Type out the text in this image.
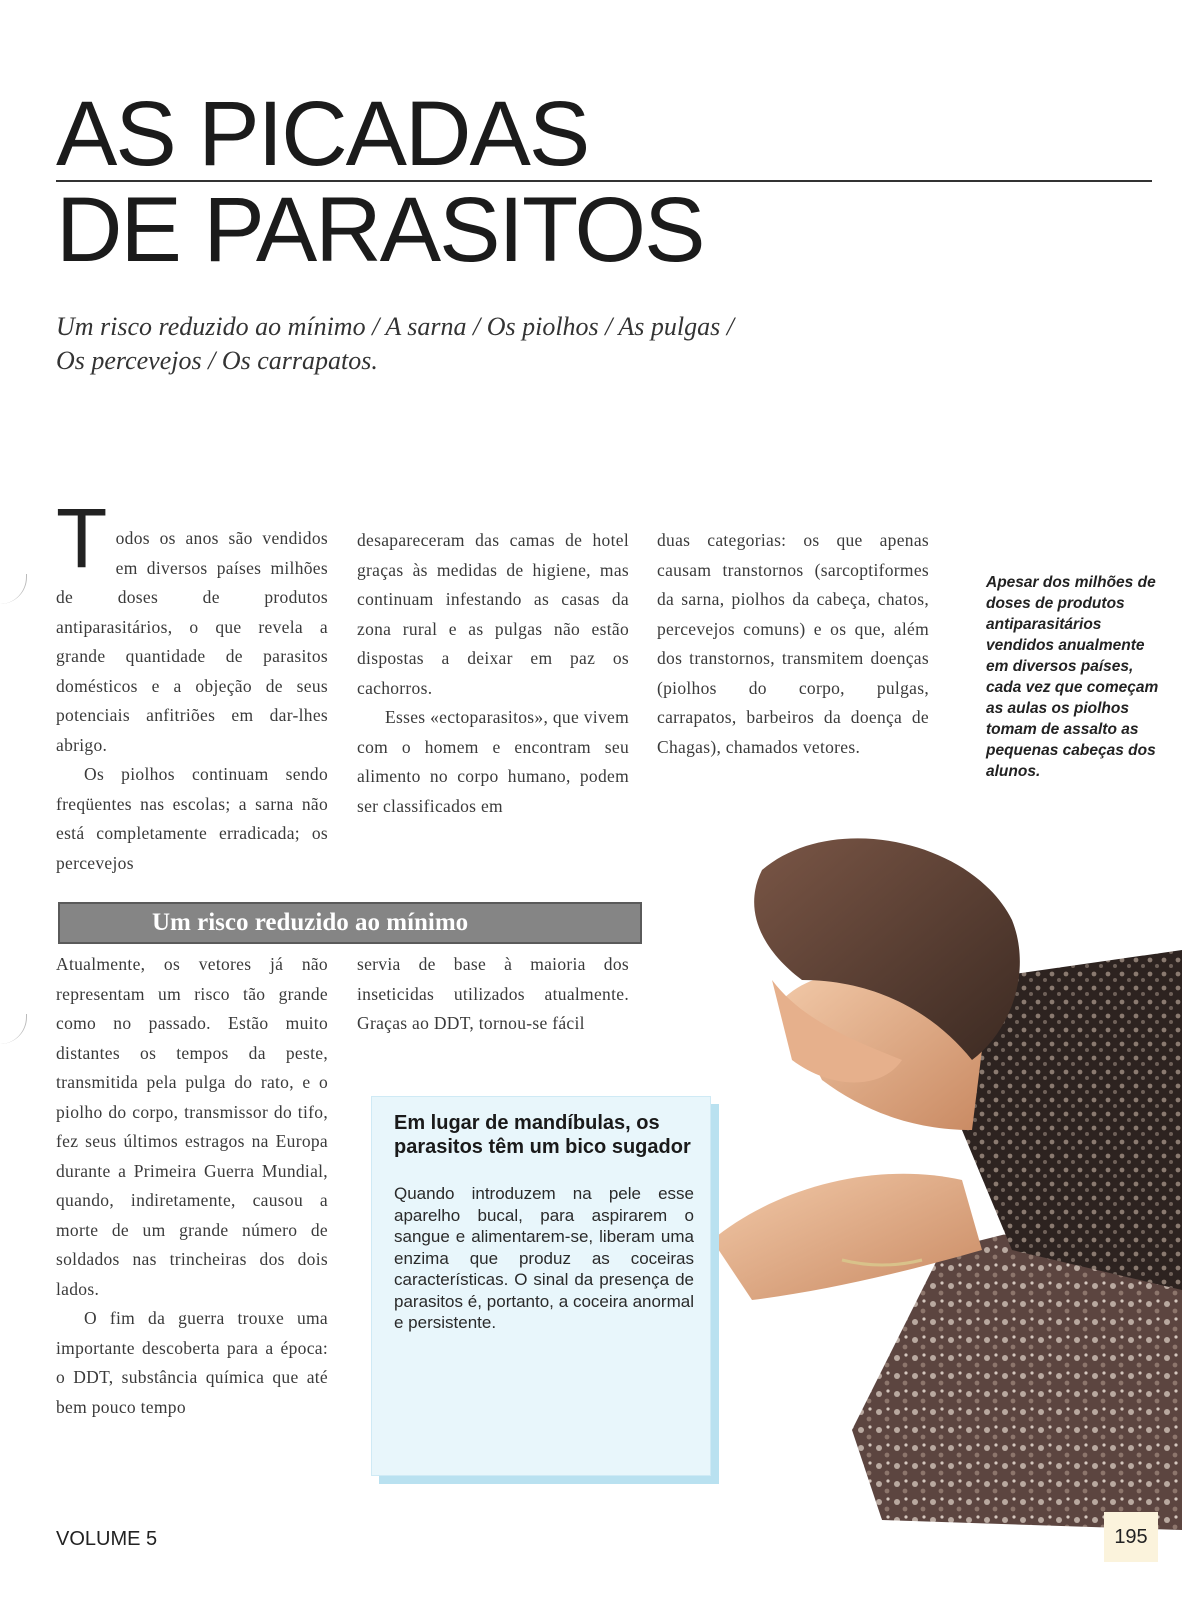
AS PICADAS
DE PARASITOS
Um risco reduzido ao mínimo / A sarna / Os piolhos / As pulgas /
Os percevejos / Os carrapatos.

Todos os anos são vendidos em diversos países milhões de doses de produtos antiparasitários, o que revela a grande quantidade de parasitos domésticos e a objeção de seus potenciais anfitriões em dar-lhes abrigo.

Os piolhos continuam sendo freqüentes nas escolas; a sarna não está completamente erradicada; os percevejos

desapareceram das camas de hotel graças às medidas de higiene, mas continuam infestando as casas da zona rural e as pulgas não estão dispostas a deixar em paz os cachorros.

Esses «ectoparasitos», que vivem com o homem e encontram seu alimento no corpo humano, podem ser classificados em

duas categorias: os que apenas causam transtornos (sarcoptiformes da sarna, piolhos da cabeça, chatos, percevejos comuns) e os que, além dos transtornos, transmitem doenças (piolhos do corpo, pulgas, carrapatos, barbeiros da doença de Chagas), chamados vetores.

Apesar dos milhões de doses de produtos antiparasitários vendidos anualmente em diversos países, cada vez que começam as aulas os piolhos tomam de assalto as pequenas cabeças dos alunos.
Um risco reduzido ao mínimo

Atualmente, os vetores já não representam um risco tão grande como no passado. Estão muito distantes os tempos da peste, transmitida pela pulga do rato, e o piolho do corpo, transmissor do tifo, fez seus últimos estragos na Europa durante a Primeira Guerra Mundial, quando, indiretamente, causou a morte de um grande número de soldados nas trincheiras dos dois lados.

O fim da guerra trouxe uma importante descoberta para a época: o DDT, substância química que até bem pouco tempo

servia de base à maioria dos inseticidas utilizados atualmente. Graças ao DDT, tornou-se fácil

Em lugar de mandíbulas, os parasitos têm um bico sugador

Quando introduzem na pele esse aparelho bucal, para aspirarem o sangue e alimentarem-se, liberam uma enzima que produz as coceiras características. O sinal da presença de parasitos é, portanto, a coceira anormal e persistente.

VOLUME 5	195
